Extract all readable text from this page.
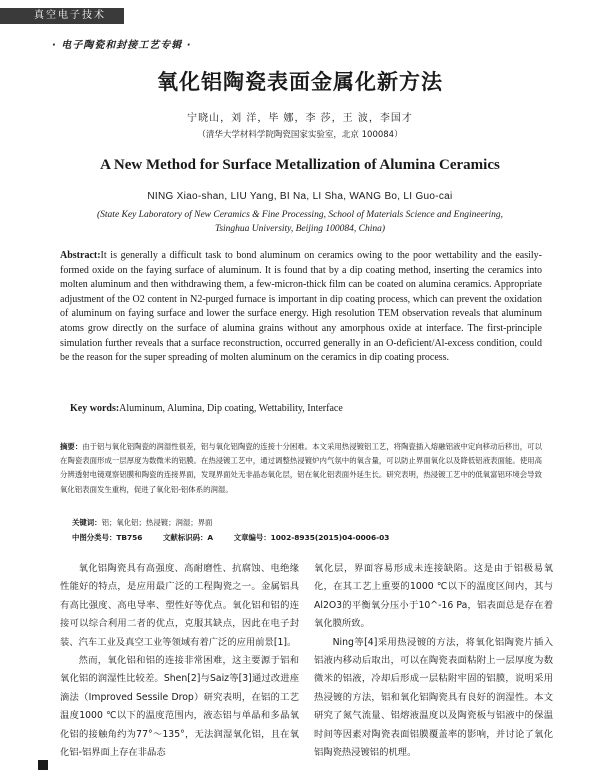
真空电子技术
· 电子陶瓷和封接工艺专辑 ·
氧化铝陶瓷表面金属化新方法
宁晓山，刘 洋，毕 娜，李 莎，王 波，李国才
（清华大学材料学院陶瓷国家实验室，北京 100084）
A New Method for Surface Metallization of Alumina Ceramics
NING Xiao-shan, LIU Yang, BI Na, LI Sha, WANG Bo, LI Guo-cai
(State Key Laboratory of New Ceramics & Fine Processing, School of Materials Science and Engineering,
Tsinghua University, Beijing 100084, China)
Abstract:It is generally a difficult task to bond aluminum on ceramics owing to the poor wettability and the easily-formed oxide on the faying surface of aluminum. It is found that by a dip coating method, inserting the ceramics into molten aluminum and then withdrawing them, a few-micron-thick film can be coated on alumina ceramics. Appropriate adjustment of the O2 content in N2-purged furnace is important in dip coating process, which can prevent the oxidation of aluminum on faying surface and lower the surface energy. High resolution TEM observation reveals that aluminum atoms grow directly on the surface of alumina grains without any amorphous oxide at interface. The first-principle simulation further reveals that a surface reconstruction, occurred generally in an O-deficient/Al-excess condition, could be the reason for the super spreading of molten aluminum on the ceramics in dip coating process.
Key words:Aluminum, Alumina, Dip coating, Wettability, Interface
摘要：由于铝与氧化铝陶瓷的润湿性很差，铝与氧化铝陶瓷的连接十分困难。本文采用热浸镀铝工艺，将陶瓷插入熔融铝液中定向移动后移出，可以在陶瓷表面形成一层厚度为数微米的铝膜。在热浸镀工艺中，通过调整热浸镀炉内气氛中的氧含量，可以防止界面氧化以及降低铝液表面能。使用高分辨透射电镜观察铝膜和陶瓷的连接界面，发现界面处无非晶态氧化层，铝在氧化铝表面外延生长。研究表明，热浸镀工艺中的低氧富铝环境会导致氧化铝表面发生重构，促进了氧化铝-铝体系的润湿。
关键词：铝；氧化铝；热浸镀；润湿；界面
中图分类号：TB756	文献标识码：A	文章编号：1002-8935(2015)04-0006-03

氧化铝陶瓷具有高强度、高耐磨性、抗腐蚀、电绝缘性能好的特点，是应用最广泛的工程陶瓷之一。金属铝具有高比强度、高电导率、塑性好等优点。氧化铝和铝的连接可以综合利用二者的优点，克服其缺点，因此在电子封装、汽车工业及真空工业等领域有着广泛的应用前景[1]。

然而，氧化铝和铝的连接非常困难，这主要源于铝和氧化铝的润湿性比较差。Shen[2]与Saiz等[3]通过改进座滴法（Improved Sessile Drop）研究表明，在铝的工艺温度1000 ℃以下的温度范围内，液态铝与单晶和多晶氧化铝的接触角约为77°～135°，无法润湿氧化铝，且在氧化铝-铝界面上存在非晶态

氧化层，界面容易形成未连接缺陷。这是由于铝极易氧化，在其工艺上重要的1000 ℃以下的温度区间内，其与Al2O3的平衡氧分压小于10^-16 Pa，铝表面总是存在着氧化膜所致。

Ning等[4]采用热浸镀的方法，将氧化铝陶瓷片插入铝液内移动后取出，可以在陶瓷表面粘附上一层厚度为数微米的铝液，冷却后形成一层粘附牢固的铝膜，说明采用热浸镀的方法，铝和氧化铝陶瓷具有良好的润湿性。本文研究了氮气流量、铝熔液温度以及陶瓷板与铝液中的保温时间等因素对陶瓷表面铝膜覆盖率的影响，并讨论了氧化铝陶瓷热浸镀铝的机理。
